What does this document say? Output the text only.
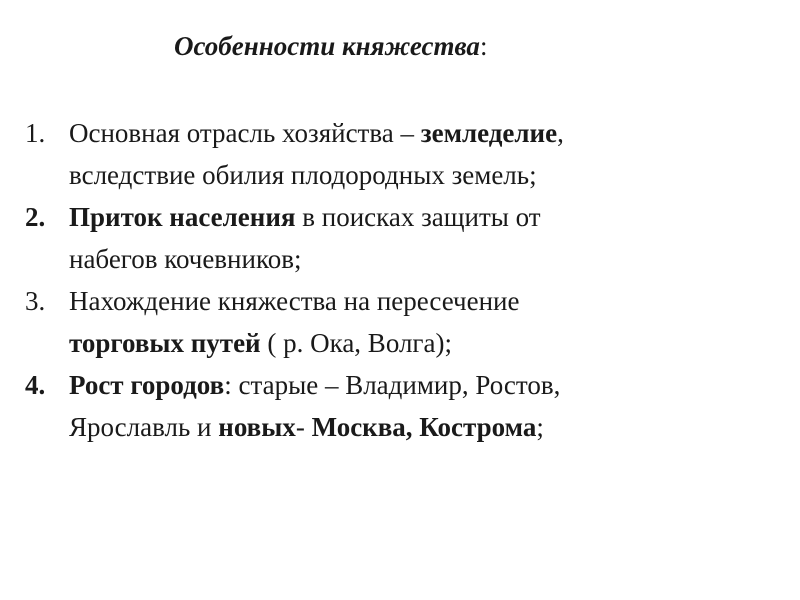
Особенности княжества:
1. Основная отрасль хозяйства – земледелие,
вследствие обилия плодородных земель;
2. Приток населения в поисках защиты от
набегов кочевников;
3. Нахождение княжества на пересечение
торговых путей ( р. Ока, Волга);
4. Рост городов: старые – Владимир, Ростов,
Ярославль и новых- Москва, Кострома;
